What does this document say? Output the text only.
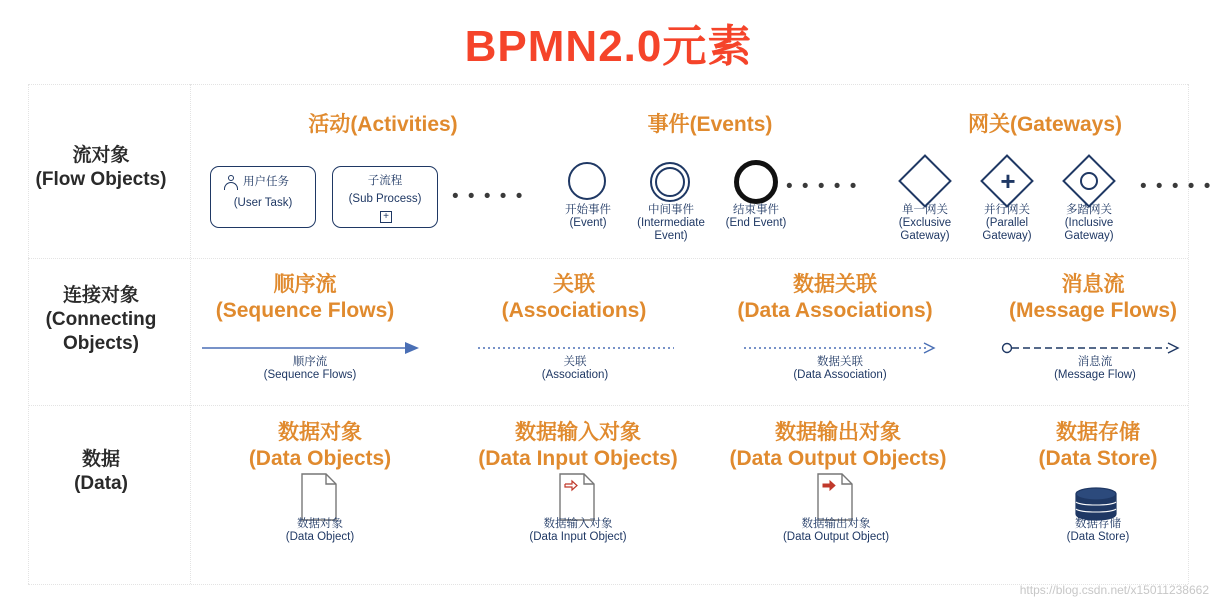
BPMN2.0元素
流对象
(Flow Objects)
活动(Activities)
用户任务
(User Task)
子流程
(Sub Process)
+
• • • • •
事件(Events)
开始事件
(Event)
中间事件
(Intermediate Event)
结束事件
(End Event)
• • • • •
网关(Gateways)
单一网关
(Exclusive Gateway)
+
并行网关
(Parallel Gateway)
多踏网关
(Inclusive Gateway)
• • • • •
连接对象
(Connecting Objects)
顺序流
(Sequence Flows)
顺序流
(Sequence Flows)
关联
(Associations)
关联
(Association)
数据关联
(Data Associations)
数据关联
(Data Association)
消息流
(Message Flows)
消息流
(Message Flow)
数据
(Data)
数据对象
(Data Objects)
数据对象
(Data Object)
数据输入对象
(Data Input Objects)
数据输入对象
(Data Input Object)
数据输出对象
(Data Output Objects)
数据输出对象
(Data Output Object)
数据存储
(Data Store)
数据存储
(Data Store)
https://blog.csdn.net/x15011238662
